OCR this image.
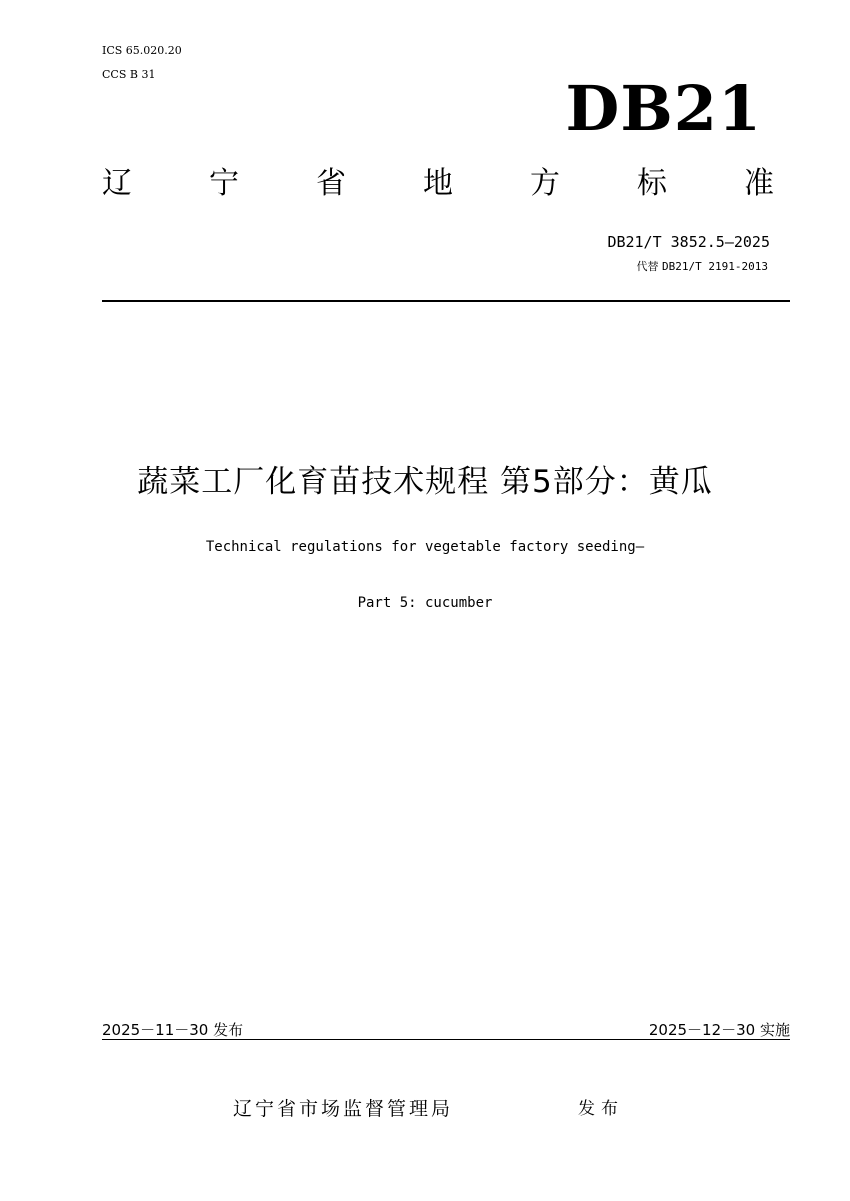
ICS 65.020.20
CCS B 31	DB21
辽	宁	省	地	方	标	准
DB21/T 3852.5—2025
代替 DB21/T 2191-2013
蔬菜工厂化育苗技术规程 第5部分：黄瓜
Technical regulations for vegetable factory seeding—
Part 5: cucumber
2025－11－30 发布	2025－12－30 实施
辽宁省市场监督管理局	发布
